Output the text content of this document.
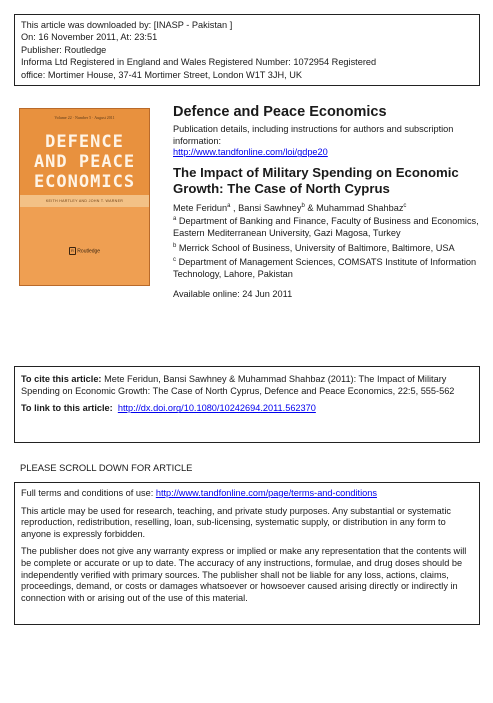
This article was downloaded by: [INASP - Pakistan ]
On: 16 November 2011, At: 23:51
Publisher: Routledge
Informa Ltd Registered in England and Wales Registered Number: 1072954 Registered
office: Mortimer House, 37-41 Mortimer Street, London W1T 3JH, UK
Volume 22 · Number 5 · August 2011
DEFENCE
AND PEACE
ECONOMICS
KEITH HARTLEY AND JOHN T. WARNER
R Routledge
Defence and Peace Economics
Publication details, including instructions for authors and subscription information:
http://www.tandfonline.com/loi/gdpe20
The Impact of Military Spending on Economic Growth: The Case of North Cyprus
Mete Feridun$^a$ , Bansi Sawhney$^b$ & Muhammad Shahbaz$^c$
$^a$ Department of Banking and Finance, Faculty of Business and Economics, Eastern Mediterranean University, Gazi Magosa, Turkey
$^b$ Merrick School of Business, University of Baltimore, Baltimore, USA
$^c$ Department of Management Sciences, COMSATS Institute of Information Technology, Lahore, Pakistan
Available online: 24 Jun 2011
To cite this article: Mete Feridun, Bansi Sawhney & Muhammad Shahbaz (2011): The Impact of Military Spending on Economic Growth: The Case of North Cyprus, Defence and Peace Economics, 22:5, 555-562
To link to this article: http://dx.doi.org/10.1080/10242694.2011.562370
PLEASE SCROLL DOWN FOR ARTICLE

Full terms and conditions of use: http://www.tandfonline.com/page/terms-and-conditions

This article may be used for research, teaching, and private study purposes. Any substantial or systematic reproduction, redistribution, reselling, loan, sub-licensing, systematic supply, or distribution in any form to anyone is expressly forbidden.

The publisher does not give any warranty express or implied or make any representation that the contents will be complete or accurate or up to date. The accuracy of any instructions, formulae, and drug doses should be independently verified with primary sources. The publisher shall not be liable for any loss, actions, claims, proceedings, demand, or costs or damages whatsoever or howsoever caused arising directly or indirectly in connection with or arising out of the use of this material.
